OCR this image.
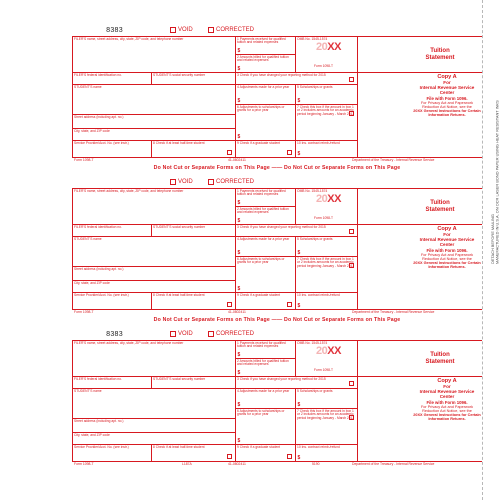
DETACH BEFORE MAILING MANUFACTURED IN U.S.A. ON OCR LASER BOND PAPER USING HEAT RESISTANT INKS
8383	VOID	CORRECTED
FILER'S name, street address, city, state, ZIP code, and telephone number	1 Payments received for qualified tuition and related expenses
$
2 Amounts billed for qualified tuition and related expenses
$
OMB No. 1545-1574
20XX
Form 1098-T
Tuition Statement
FILER'S federal identification no.	STUDENT'S social security number	3 Check if you have changed your reporting method for 2015
STUDENT'S name	4 Adjustments made for a prior year
$
5 Scholarships or grants
$
Street address (including apt. no.)
6 Adjustments to scholarships or grants for a prior year
$
7 Check this box if the amount in box 1 or 2 includes amounts for an academic period beginning January - March 2011
City, state, and ZIP code
Service Provider/Acct. No. (see instr.)	8 Check if at least half-time student	9 Check if a graduate student	10 Ins. contract reimb./refund
$
Copy A
For
Internal Revenue Service Center
File with Form 1096.
For Privacy Act and Paperwork Reduction Act Notice, see the
20XX General Instructions for Certain Information Returns.
Form 1098-T	41-0802411	Department of the Treasury - Internal Revenue Service
Do Not Cut or Separate Forms on This Page —— Do Not Cut or Separate Forms on This Page
VOID	CORRECTED
FILER'S name, street address, city, state, ZIP code, and telephone number	1 Payments received for qualified tuition and related expenses
$
2 Amounts billed for qualified tuition and related expenses
$
OMB No. 1545-1574
20XX
Form 1098-T
Tuition Statement
FILER'S federal identification no.	STUDENT'S social security number	3 Check if you have changed your reporting method for 2015
STUDENT'S name	4 Adjustments made for a prior year
$
5 Scholarships or grants
$
Street address (including apt. no.)
6 Adjustments to scholarships or grants for a prior year
$
7 Check this box if the amount in box 1 or 2 includes amounts for an academic period beginning January - March 2011
City, state, and ZIP code
Service Provider/Acct. No. (see instr.)	8 Check if at least half-time student	9 Check if a graduate student	10 Ins. contract reimb./refund
$
Copy A
For
Internal Revenue Service Center
File with Form 1096.
For Privacy Act and Paperwork Reduction Act Notice, see the
20XX General Instructions for Certain Information Returns.
Form 1098-T	41-0802411	Department of the Treasury - Internal Revenue Service
Do Not Cut or Separate Forms on This Page —— Do Not Cut or Separate Forms on This Page
8383	VOID	CORRECTED
FILER'S name, street address, city, state, ZIP code, and telephone number	1 Payments received for qualified tuition and related expenses
$
2 Amounts billed for qualified tuition and related expenses
$
OMB No. 1545-1574
20XX
Form 1098-T
Tuition Statement
FILER'S federal identification no.	STUDENT'S social security number	3 Check if you have changed your reporting method for 2015
STUDENT'S name	4 Adjustments made for a prior year
$
5 Scholarships or grants
$
Street address (including apt. no.)
6 Adjustments to scholarships or grants for a prior year
$
7 Check this box if the amount in box 1 or 2 includes amounts for an academic period beginning January - March 2011
City, state, and ZIP code
Service Provider/Acct. No. (see instr.)	8 Check if at least half-time student	9 Check if a graduate student	10 Ins. contract reimb./refund
$
Copy A
For
Internal Revenue Service Center
File with Form 1096.
For Privacy Act and Paperwork Reduction Act Notice, see the
20XX General Instructions for Certain Information Returns.
Form 1098-T	L187A	41-0802411	5190	Department of the Treasury - Internal Revenue Service
